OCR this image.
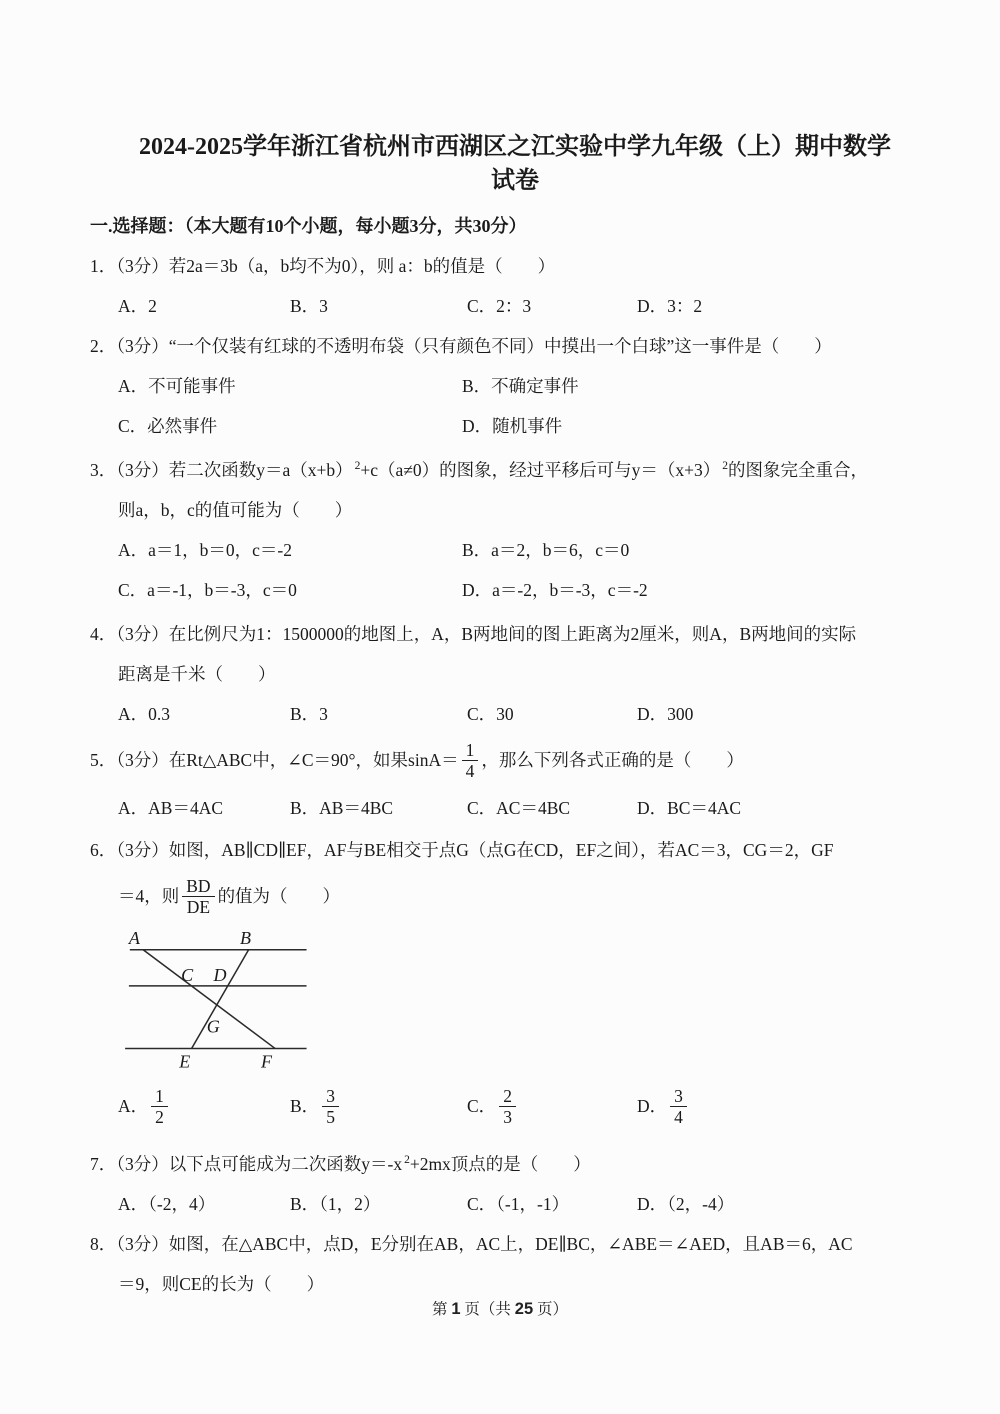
2024-2025学年浙江省杭州市西湖区之江实验中学九年级（上）期中数学
试卷
一.选择题：（本大题有10个小题，每小题3分，共30分）
1．（3分）若2a＝3b（a，b均不为0），则 a：b的值是（　　）
A．2	B．3	C．2：3	D．3：2
2．（3分）“一个仅装有红球的不透明布袋（只有颜色不同）中摸出一个白球”这一事件是（　　）
A．不可能事件	B．不确定事件
C．必然事件	D．随机事件
3．（3分）若二次函数y＝a（x+b） $^2$+c（a≠0）的图象，经过平移后可与y＝（x+3） $^2$的图象完全重合，
则a，b，c的值可能为（　　）
A．a＝1，b＝0，c＝-2	B．a＝2，b＝6，c＝0
C．a＝-1，b＝-3，c＝0	D．a＝-2，b＝-3，c＝-2
4．（3分）在比例尺为1：1500000的地图上，A，B两地间的图上距离为2厘米，则A，B两地间的实际
距离是千米（　　）
A．0.3	B．3	C．30	D．300
5．（3分）在Rt△ABC中，∠C＝90°，如果$\sin A= \frac{1}{4}$ ，那么下列各式正确的是（　　）
A．AB＝4AC	B．AB＝4BC	C．AC＝4BC	D．BC＝4AC
6．（3分）如图，AB∥CD∥EF，AF与BE相交于点G（点G在CD，EF之间），若AC＝3，CG＝2，GF
＝4，则 $\frac{BD}{DE}$ 的值为（　　）
A	B
C D
G
E	F
A． $\frac{1}{2}$	B． $\frac{3}{5}$	C． $\frac{2}{3}$	D． $\frac{3}{4}$
7．（3分）以下点可能成为二次函数y＝-x $^2$+2mx顶点的是（　　）
A．（-2，4）	B．（1，2）	C．（-1，-1）	D．（2，-4）
8．（3分）如图，在△ABC中，点D，E分别在AB，AC上，DE∥BC，∠ABE＝∠AED，且AB＝6，AC
＝9，则CE的长为（　　）
第 1 页（共 25 页）
